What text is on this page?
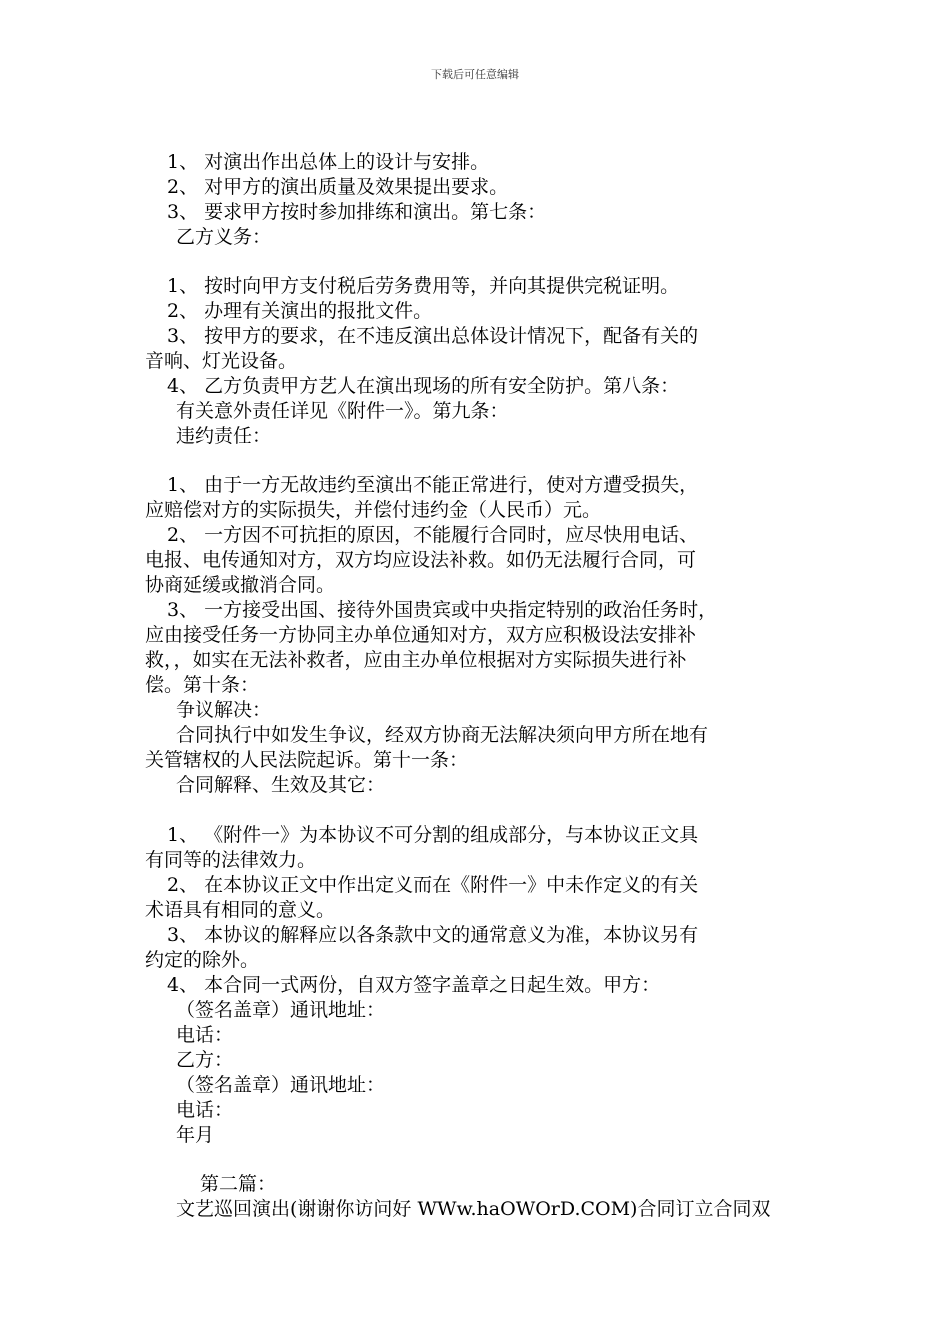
下载后可任意编辑
1、 对演出作出总体上的设计与安排。
2、 对甲方的演出质量及效果提出要求。
3、 要求甲方按时参加排练和演出。第七条：
乙方义务：
1、 按时向甲方支付税后劳务费用等，并向其提供完税证明。
2、 办理有关演出的报批文件。
3、 按甲方的要求，在不违反演出总体设计情况下，配备有关的
音响、灯光设备。
4、 乙方负责甲方艺人在演出现场的所有安全防护。第八条：
有关意外责任详见《附件一》。第九条：
违约责任：
1、 由于一方无故违约至演出不能正常进行，使对方遭受损失，
应赔偿对方的实际损失，并偿付违约金（人民币）元。
2、 一方因不可抗拒的原因，不能履行合同时，应尽快用电话、
电报、电传通知对方，双方均应设法补救。如仍无法履行合同，可
协商延缓或撤消合同。
3、 一方接受出国、接待外国贵宾或中央指定特别的政治任务时，
应由接受任务一方协同主办单位通知对方，双方应积极设法安排补
救，，如实在无法补救者，应由主办单位根据对方实际损失进行补
偿。第十条：
争议解决：
合同执行中如发生争议，经双方协商无法解决须向甲方所在地有
关管辖权的人民法院起诉。第十一条：
合同解释、生效及其它：
1、 《附件一》为本协议不可分割的组成部分，与本协议正文具
有同等的法律效力。
2、 在本协议正文中作出定义而在《附件一》中未作定义的有关
术语具有相同的意义。
3、 本协议的解释应以各条款中文的通常意义为准，本协议另有
约定的除外。
4、 本合同一式两份，自双方签字盖章之日起生效。甲方：
（签名盖章）通讯地址：
电话：
乙方：
（签名盖章）通讯地址：
电话：
年月
第二篇：
文艺巡回演出(谢谢你访问好 WWw.haOWOrD.COM)合同订立合同双
